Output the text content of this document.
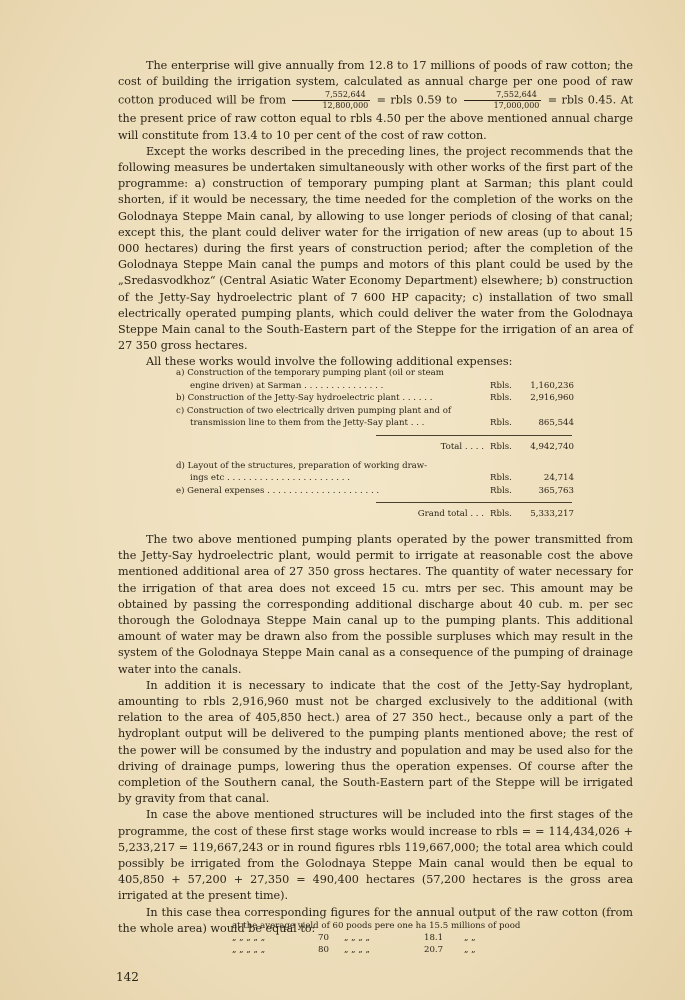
The enterprise will give annually from 12.8 to 17 millions of poods of raw cotton; the cost of building the irrigation system, calculated as annual charge per one pood of raw cotton produced will be from $\frac{7,552,644}{12,800,000}$ = rbls 0.59 to $\frac{7,552,644}{17,000,000}$ = rbls 0.45. At the present price of raw cotton equal to rbls 4.50 per the above mentioned annual charge will constitute from 13.4 to 10 per cent of the cost of raw cotton.

Except the works described in the preceding lines, the project recommends that the following measures be undertaken simultaneously with other works of the first part of the programme: a) construction of temporary pumping plant at Sarman; this plant could shorten, if it would be necessary, the time needed for the completion of the works on the Golodnaya Steppe Main canal, by allowing to use longer periods of closing of that canal; except this, the plant could deliver water for the irrigation of new areas (up to about 15 000 hectares) during the first years of construction period; after the completion of the Golodnaya Steppe Main canal the pumps and motors of this plant could be used by the „Sredasvodkhoz“ (Central Asiatic Water Economy Department) elsewhere; b) construction of the Jetty-Say hydroelectric plant of 7 600 HP capacity; c) installation of two small electrically operated pumping plants, which could deliver the water from the Golodnaya Steppe Main canal to the South-Eastern part of the Steppe for the irrigation of an area of 27 350 gross hectares.

All these works would involve the following additional expenses:

a) Construction of the temporary pumping plant (oil or steam
engine driven) at Sarman . . . . . . . . . . . . . . .	Rbls.	1,160,236
b) Construction of the Jetty-Say hydroelectric plant . . . . . .	Rbls.	2,916,960
c) Construction of two electrically driven pumping plant and of
transmission line to them from the Jetty-Say plant . . .	Rbls.	865,544
Total . . . . Rbls.	4,942,740
d) Layout of the structures, preparation of working draw-
ings etc . . . . . . . . . . . . . . . . . . . . . . .	Rbls.	24,714
e) General expenses . . . . . . . . . . . . . . . . . . . . .	Rbls.	365,763
Grand total . . . Rbls.	5,333,217

The two above mentioned pumping plants operated by the power transmitted from the Jetty-Say hydroelectric plant, would permit to irrigate at reasonable cost the above mentioned additional area of 27 350 gross hectares. The quantity of water necessary for the irrigation of that area does not exceed 15 cu. mtrs per sec. This amount may be obtained by passing the corresponding additional discharge about 40 cub. m. per sec thorough the Golodnaya Steppe Main canal up to the pumping plants. This additional amount of water may be drawn also from the possible surpluses which may result in the system of the Golodnaya Steppe Main canal as a consequence of the pumping of drainage water into the canals.

In addition it is necessary to indicate that the cost of the Jetty-Say hydroplant, amounting to rbls 2,916,960 must not be charged exclusively to the additional (with relation to the area of 405,850 hect.) area of 27 350 hect., because only a part of the hydroplant output will be delivered to the pumping plants mentioned above; the rest of the power will be consumed by the industry and population and may be used also for the driving of drainage pumps, lowering thus the operation expenses. Of course after the completion of the Southern canal, the South-Eastern part of the Steppe will be irrigated by gravity from that canal.

In case the above mentioned structures will be included into the first stages of the programme, the cost of these first stage works would increase to rbls = = 114,434,026 + 5,233,217 = 119,667,243 or in round figures rbls 119,667,000; the total area which could possibly be irrigated from the Golodnaya Steppe Main canal would then be equal to 405,850 + 57,200 + 27,350 = 490,400 hectares (57,200 hectares is the gross area irrigated at the present time).

In this case thea corresponding figures for the annual output of the raw cotton (from the whole area) would be equal to:

at the average yield of 60 poods pere one ha 15.5 millions of pood
„ „ „ „ „	70	„ „ „ „	18.1	„ „
„ „ „ „ „	80	„ „ „ „	20.7	„ „
142
